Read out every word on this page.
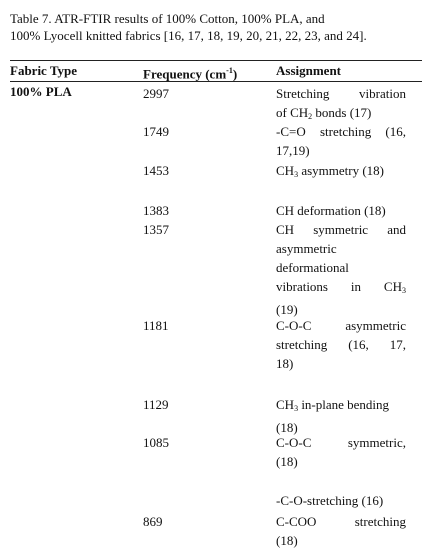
Table 7. ATR-FTIR results of 100% Cotton, 100% PLA, and
100% Lyocell knitted fabrics [16, 17, 18, 19, 20, 21, 22, 23, and 24].
Fabric Type	Frequency $(cm^{-1})$	Assignment
100% PLA	2997	Stretching vibration
of $CH_2$ bonds (17)
1749	-C=O stretching (16,
17,19)
1453	$CH_3$ asymmetry (18)
1383	CH deformation (18)
1357	CH symmetric and
asymmetric
deformational
vibrations in $CH_3$
(19)
1181	C-O-C asymmetric
stretching (16, 17,
18)
1129	$CH_3$ in-plane bending
(18)
1085	C-O-C symmetric,
(18)
-C-O-stretching (16)
869	C-COO stretching
(18)
